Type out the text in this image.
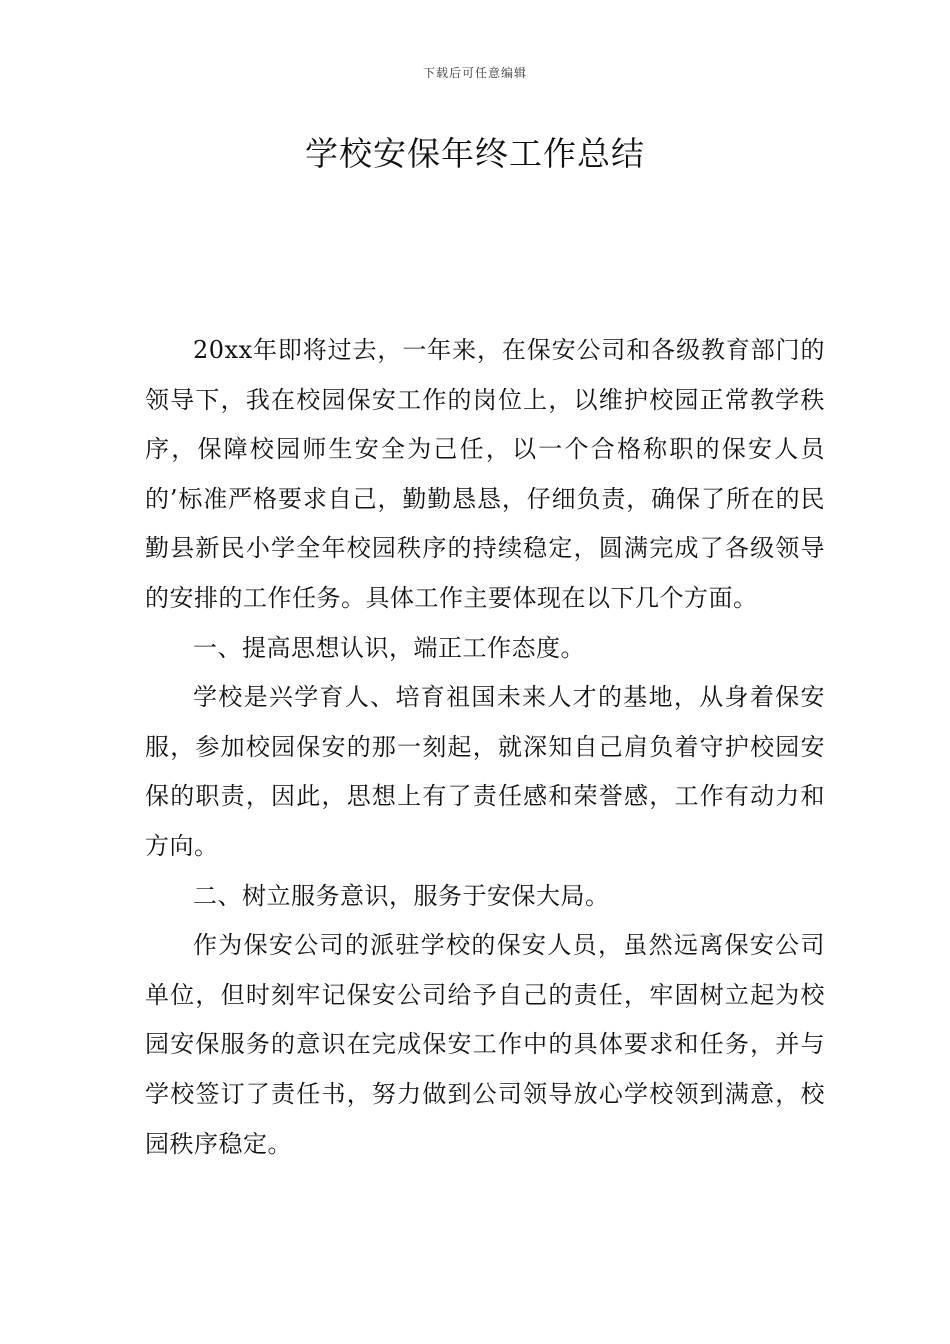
下载后可任意编辑
学校安保年终工作总结

20xx年即将过去，一年来，在保安公司和各级教育部门的领导下，我在校园保安工作的岗位上，以维护校园正常教学秩序，保障校园师生安全为己任，以一个合格称职的保安人员的’标准严格要求自己，勤勤恳恳，仔细负责，确保了所在的民勤县新民小学全年校园秩序的持续稳定，圆满完成了各级领导的安排的工作任务。具体工作主要体现在以下几个方面。

一、提高思想认识，端正工作态度。

学校是兴学育人、培育祖国未来人才的基地，从身着保安服，参加校园保安的那一刻起，就深知自己肩负着守护校园安保的职责，因此，思想上有了责任感和荣誉感，工作有动力和方向。

二、树立服务意识，服务于安保大局。

作为保安公司的派驻学校的保安人员，虽然远离保安公司单位，但时刻牢记保安公司给予自己的责任，牢固树立起为校园安保服务的意识在完成保安工作中的具体要求和任务，并与学校签订了责任书，努力做到公司领导放心学校领到满意，校园秩序稳定。
